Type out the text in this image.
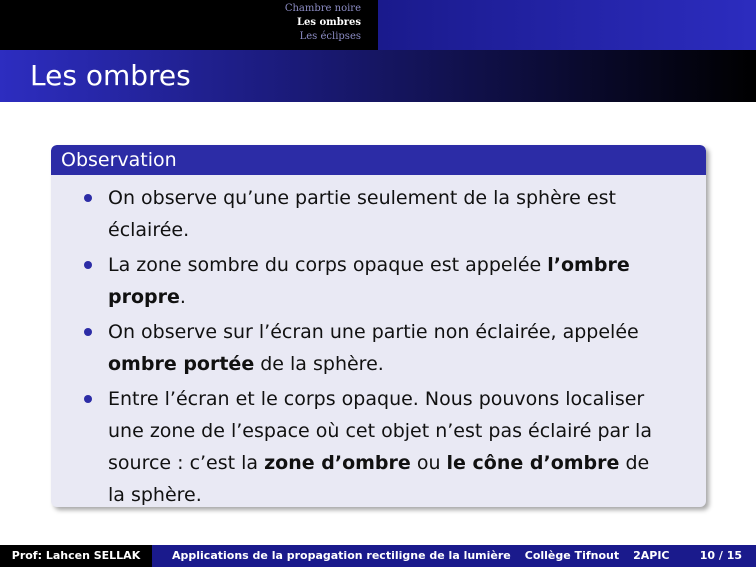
Chambre noire
Les ombres
Les éclipses
Les ombres
Observation
On observe qu’une partie seulement de la sphère est
éclairée.
La zone sombre du corps opaque est appelée l’ombre
propre.
On observe sur l’écran une partie non éclairée, appelée
ombre portée de la sphère.
Entre l’écran et le corps opaque. Nous pouvons localiser
une zone de l’espace où cet objet n’est pas éclairé par la
source : c’est la zone d’ombre ou le cône d’ombre de
la sphère.
Prof: Lahcen SELLAK	Applications de la propagation rectiligne de la lumière Collège Tifnout 2APIC	10 / 15
